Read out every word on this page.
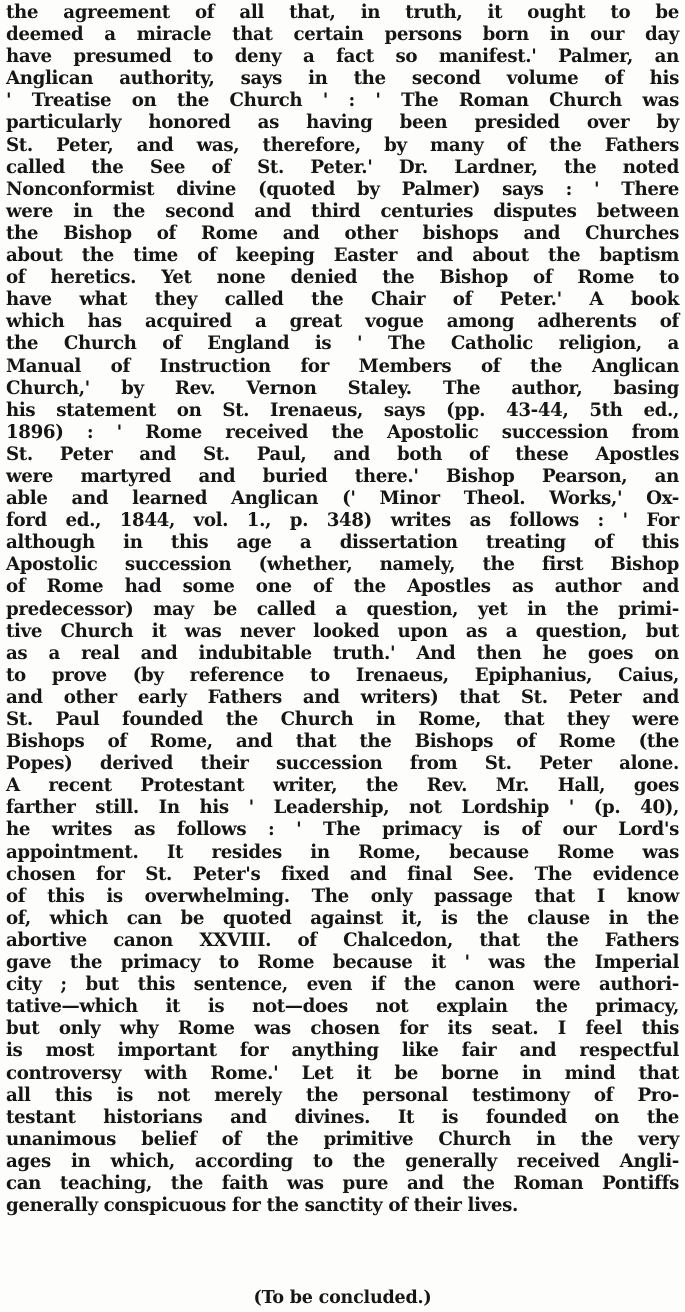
the agreement of all that, in truth, it ought to be
deemed a miracle that certain persons born in our day
have presumed to deny a fact so manifest.' Palmer, an
Anglican authority, says in the second volume of his
' Treatise on the Church ' : ' The Roman Church was
particularly honored as having been presided over by
St. Peter, and was, therefore, by many of the Fathers
called the See of St. Peter.' Dr. Lardner, the noted
Nonconformist divine (quoted by Palmer) says : ' There
were in the second and third centuries disputes between
the Bishop of Rome and other bishops and Churches
about the time of keeping Easter and about the baptism
of heretics. Yet none denied the Bishop of Rome to
have what they called the Chair of Peter.' A book
which has acquired a great vogue among adherents of
the Church of England is ' The Catholic religion, a
Manual of Instruction for Members of the Anglican
Church,' by Rev. Vernon Staley. The author, basing
his statement on St. Irenaeus, says (pp. 43-44, 5th ed.,
1896) : ' Rome received the Apostolic succession from
St. Peter and St. Paul, and both of these Apostles
were martyred and buried there.' Bishop Pearson, an
able and learned Anglican (' Minor Theol. Works,' Ox-
ford ed., 1844, vol. 1., p. 348) writes as follows : ' For
although in this age a dissertation treating of this
Apostolic succession (whether, namely, the first Bishop
of Rome had some one of the Apostles as author and
predecessor) may be called a question, yet in the primi-
tive Church it was never looked upon as a question, but
as a real and indubitable truth.' And then he goes on
to prove (by reference to Irenaeus, Epiphanius, Caius,
and other early Fathers and writers) that St. Peter and
St. Paul founded the Church in Rome, that they were
Bishops of Rome, and that the Bishops of Rome (the
Popes) derived their succession from St. Peter alone.
A recent Protestant writer, the Rev. Mr. Hall, goes
farther still. In his ' Leadership, not Lordship ' (p. 40),
he writes as follows : ' The primacy is of our Lord's
appointment. It resides in Rome, because Rome was
chosen for St. Peter's fixed and final See. The evidence
of this is overwhelming. The only passage that I know
of, which can be quoted against it, is the clause in the
abortive canon XXVIII. of Chalcedon, that the Fathers
gave the primacy to Rome because it ' was the Imperial
city ; but this sentence, even if the canon were authori-
tative—which it is not—does not explain the primacy,
but only why Rome was chosen for its seat. I feel this
is most important for anything like fair and respectful
controversy with Rome.' Let it be borne in mind that
all this is not merely the personal testimony of Pro-
testant historians and divines. It is founded on the
unanimous belief of the primitive Church in the very
ages in which, according to the generally received Angli-
can teaching, the faith was pure and the Roman Pontiffs
generally conspicuous for the sanctity of their lives.
(To be concluded.)
